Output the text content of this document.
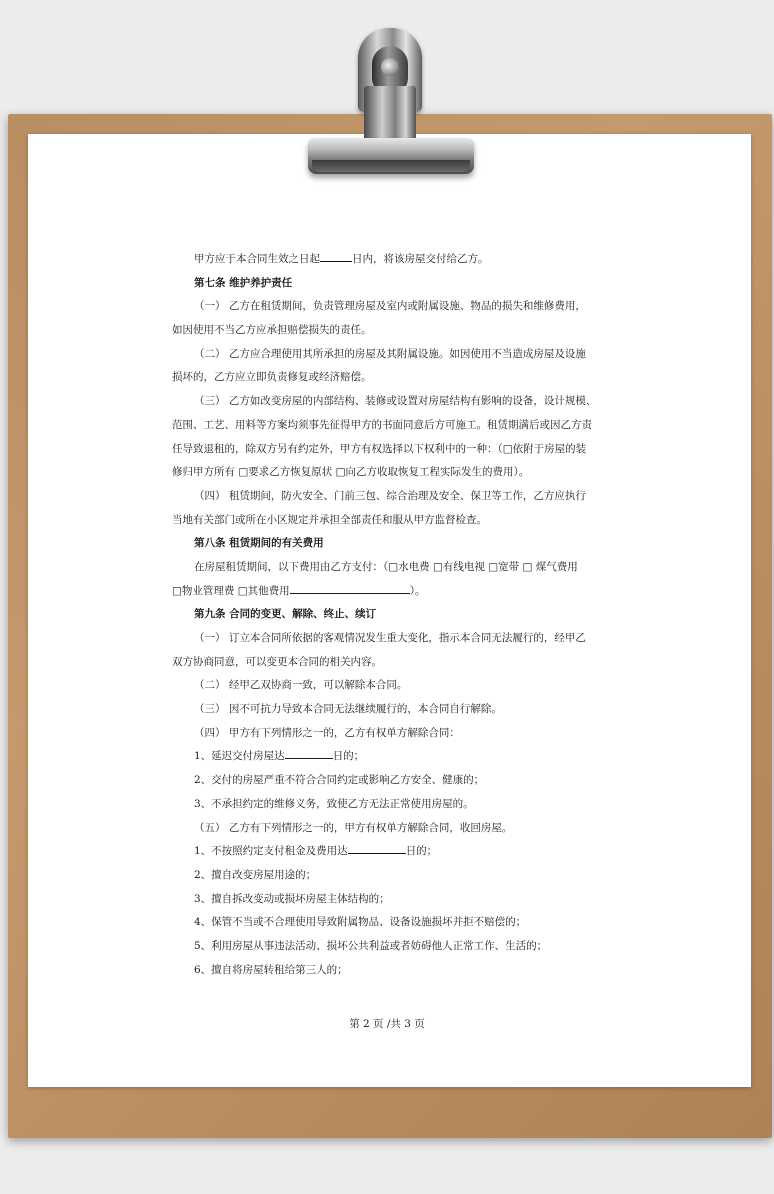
甲方应于本合同生效之日起	日内，将该房屋交付给乙方。
第七条 维护养护责任
（一） 乙方在租赁期间，负责管理房屋及室内或附属设施、物品的损失和维修费用，
如因使用不当乙方应承担赔偿损失的责任。
（二） 乙方应合理使用其所承担的房屋及其附属设施。如因使用不当造成房屋及设施
损坏的，乙方应立即负责修复或经济赔偿。
（三） 乙方如改变房屋的内部结构、装修或设置对房屋结构有影响的设备，设计规模、
范围、工艺、用料等方案均须事先征得甲方的书面同意后方可施工。租赁期满后或因乙方责
任导致退租的，除双方另有约定外，甲方有权选择以下权利中的一种：（□依附于房屋的装
修归甲方所有 □要求乙方恢复原状 □向乙方收取恢复工程实际发生的费用）。
（四） 租赁期间，防火安全、门前三包、综合治理及安全、保卫等工作，乙方应执行
当地有关部门或所在小区规定并承担全部责任和服从甲方监督检查。
第八条 租赁期间的有关费用
在房屋租赁期间，以下费用由乙方支付：（□水电费 □有线电视 □宽带 □ 煤气费用
□物业管理费 □其他费用	）。
第九条 合同的变更、解除、终止、续订
（一） 订立本合同所依据的客观情况发生重大变化，指示本合同无法履行的，经甲乙
双方协商同意，可以变更本合同的相关内容。
（二） 经甲乙双协商一致，可以解除本合同。
（三） 因不可抗力导致本合同无法继续履行的，本合同自行解除。
（四） 甲方有下列情形之一的，乙方有权单方解除合同：
1、延迟交付房屋达	日的；
2、交付的房屋严重不符合合同约定或影响乙方安全、健康的；
3、不承担约定的维修义务，致使乙方无法正常使用房屋的。
（五） 乙方有下列情形之一的，甲方有权单方解除合同，收回房屋。
1、不按照约定支付租金及费用达	日的；
2、擅自改变房屋用途的；
3、擅自拆改变动或损坏房屋主体结构的；
4、保管不当或不合理使用导致附属物品、设备设施损坏并拒不赔偿的；
5、利用房屋从事违法活动、损坏公共利益或者妨碍他人正常工作、生活的；
6、擅自将房屋转租给第三人的；
第 2 页 /共 3 页
